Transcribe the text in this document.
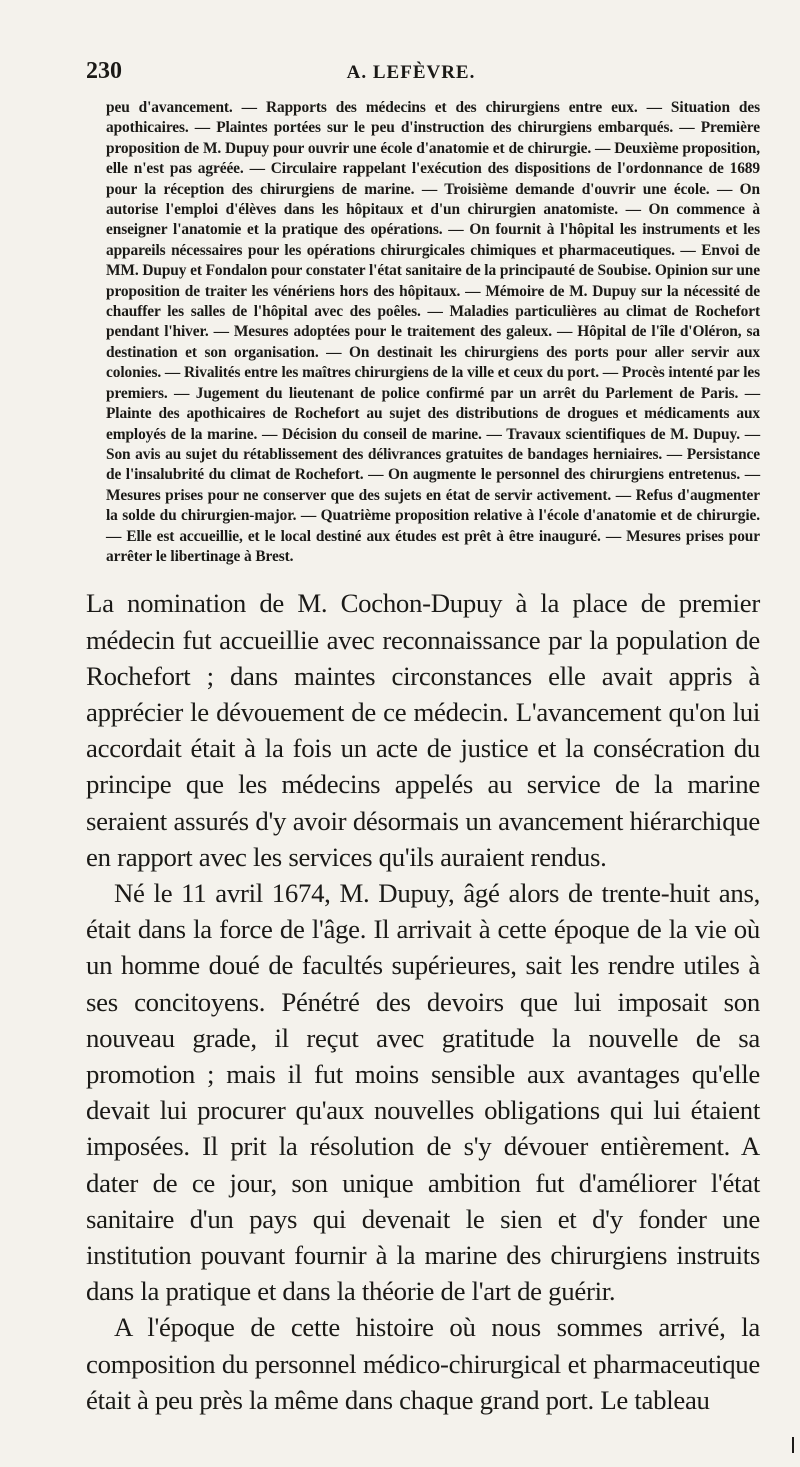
230	A. LEFÈVRE.
peu d'avancement. — Rapports des médecins et des chirurgiens entre eux. — Situation des apothicaires. — Plaintes portées sur le peu d'instruction des chirurgiens embarqués. — Première proposition de M. Dupuy pour ouvrir une école d'anatomie et de chirurgie. — Deuxième proposition, elle n'est pas agréée. — Circulaire rappelant l'exécution des dispositions de l'ordonnance de 1689 pour la réception des chirurgiens de marine. — Troisième demande d'ouvrir une école. — On autorise l'emploi d'élèves dans les hôpitaux et d'un chirurgien anatomiste. — On commence à enseigner l'anatomie et la pratique des opérations. — On fournit à l'hôpital les instruments et les appareils nécessaires pour les opérations chirurgicales chimiques et pharmaceutiques. — Envoi de MM. Dupuy et Fondalon pour constater l'état sanitaire de la principauté de Soubise. Opinion sur une proposition de traiter les vénériens hors des hôpitaux. — Mémoire de M. Dupuy sur la nécessité de chauffer les salles de l'hôpital avec des poêles. — Maladies particulières au climat de Rochefort pendant l'hiver. — Mesures adoptées pour le traitement des galeux. — Hôpital de l'île d'Oléron, sa destination et son organisation. — On destinait les chirurgiens des ports pour aller servir aux colonies. — Rivalités entre les maîtres chirurgiens de la ville et ceux du port. — Procès intenté par les premiers. — Jugement du lieutenant de police confirmé par un arrêt du Parlement de Paris. — Plainte des apothicaires de Rochefort au sujet des distributions de drogues et médicaments aux employés de la marine. — Décision du conseil de marine. — Travaux scientifiques de M. Dupuy. — Son avis au sujet du rétablissement des délivrances gratuites de bandages herniaires. — Persistance de l'insalubrité du climat de Rochefort. — On augmente le personnel des chirurgiens entretenus. — Mesures prises pour ne conserver que des sujets en état de servir activement. — Refus d'augmenter la solde du chirurgien-major. — Quatrième proposition relative à l'école d'anatomie et de chirurgie. — Elle est accueillie, et le local destiné aux études est prêt à être inauguré. — Mesures prises pour arrêter le libertinage à Brest.

La nomination de M. Cochon-Dupuy à la place de premier médecin fut accueillie avec reconnaissance par la population de Rochefort ; dans maintes circonstances elle avait appris à apprécier le dévouement de ce médecin. L'avancement qu'on lui accordait était à la fois un acte de justice et la consécration du principe que les médecins appelés au service de la marine seraient assurés d'y avoir désormais un avancement hiérarchique en rapport avec les services qu'ils auraient rendus.

Né le 11 avril 1674, M. Dupuy, âgé alors de trente-huit ans, était dans la force de l'âge. Il arrivait à cette époque de la vie où un homme doué de facultés supérieures, sait les rendre utiles à ses concitoyens. Pénétré des devoirs que lui imposait son nouveau grade, il reçut avec gratitude la nouvelle de sa promotion ; mais il fut moins sensible aux avantages qu'elle devait lui procurer qu'aux nouvelles obligations qui lui étaient imposées. Il prit la résolution de s'y dévouer entièrement. A dater de ce jour, son unique ambition fut d'améliorer l'état sanitaire d'un pays qui devenait le sien et d'y fonder une institution pouvant fournir à la marine des chirurgiens instruits dans la pratique et dans la théorie de l'art de guérir.

A l'époque de cette histoire où nous sommes arrivé, la composition du personnel médico-chirurgical et pharmaceutique était à peu près la même dans chaque grand port. Le tableau
